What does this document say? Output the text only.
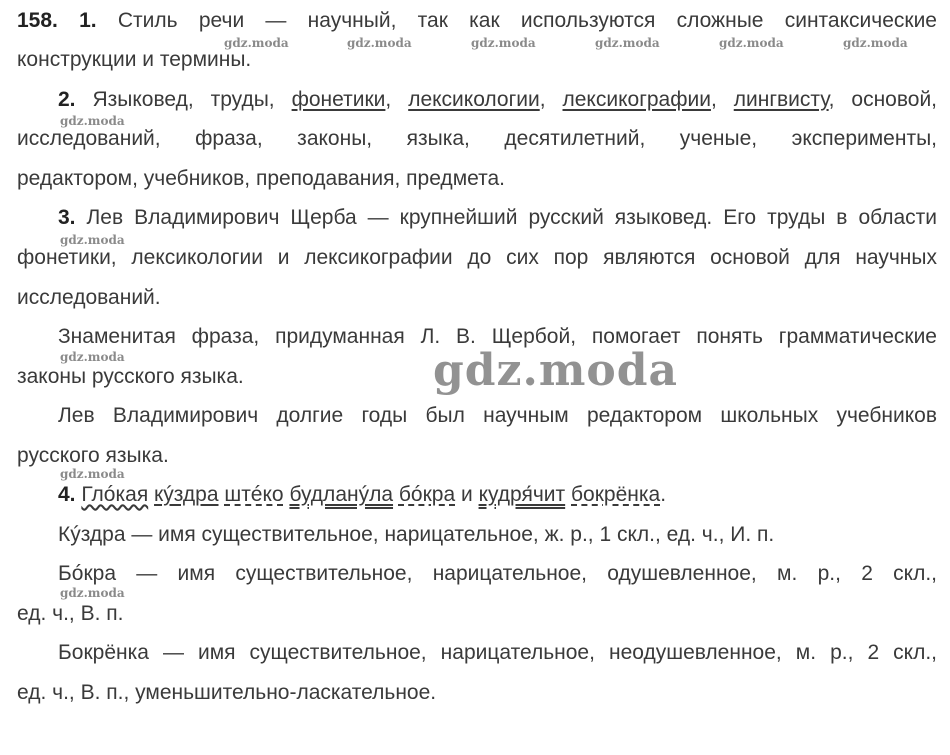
158. 1. Стиль речи — научный, так как используются сложные синтаксические
конструкции и термины.
2. Языковед, труды, фонетики, лексикологии, лексикографии, лингвисту, основой,
исследований, фраза, законы, языка, десятилетний, ученые, эксперименты,
редактором, учебников, преподавания, предмета.
3. Лев Владимирович Щерба — крупнейший русский языковед. Его труды в области
фонетики, лексикологии и лексикографии до сих пор являются основой для научных
исследований.
Знаменитая фраза, придуманная Л. В. Щербой, помогает понять грамматические
законы русского языка.
Лев Владимирович долгие годы был научным редактором школьных учебников
русского языка.
4. Глóкая кýздра штéко будланýла бóкра и кудря́чит бокрёнка.
Кýздра — имя существительное, нарицательное, ж. р., 1 скл., ед. ч., И. п.
Бóкра — имя существительное, нарицательное, одушевленное, м. р., 2 скл.,
ед. ч., В. п.
Бокрёнка — имя существительное, нарицательное, неодушевленное, м. р., 2 скл.,
ед. ч., В. п., уменьшительно-ласкательное.
gdz.moda	gdz.moda	gdz.moda	gdz.moda	gdz.moda	gdz.moda
gdz.moda
gdz.moda
gdz.moda
gdz.moda
gdz.moda
gdz.moda
